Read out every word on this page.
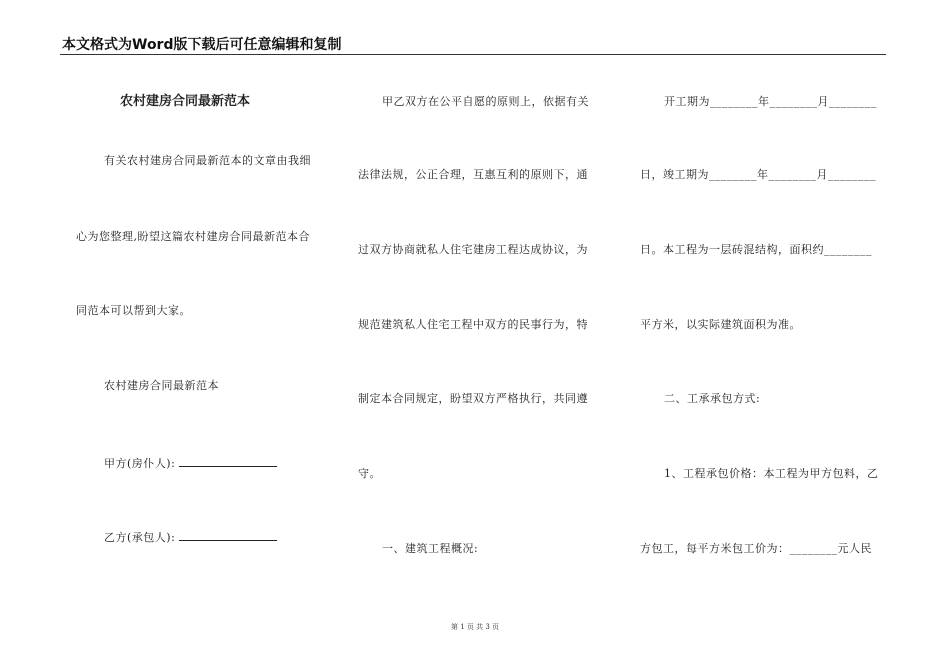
本文格式为Word版下载后可任意编辑和复制
农村建房合同最新范本
有关农村建房合同最新范本的文章由我细
心为您整理,盼望这篇农村建房合同最新范本合
同范本可以帮到大家。
农村建房合同最新范本
甲方(房仆人):
乙方(承包人):
甲乙双方在公平自愿的原则上，依据有关
法律法规，公正合理，互惠互利的原则下，通
过双方协商就私人住宅建房工程达成协议，为
规范建筑私人住宅工程中双方的民事行为，特
制定本合同规定，盼望双方严格执行，共同遵
守。
一、建筑工程概况:
开工期为________年________月________
日，竣工期为________年________月________
日。本工程为一层砖混结构，面积约________
平方米，以实际建筑面积为准。
二、工承承包方式:
1、工程承包价格：本工程为甲方包料，乙
方包工，每平方米包工价为：________元人民
第 1 页 共 3 页
